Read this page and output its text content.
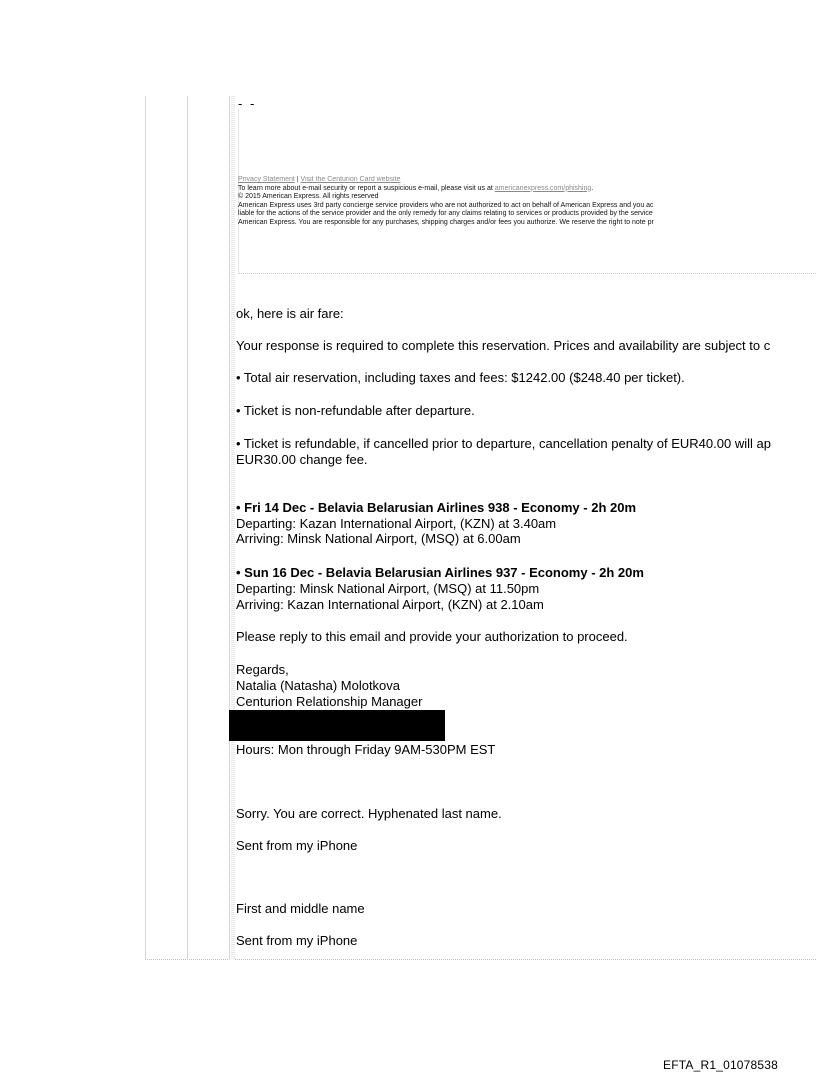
- -
Privacy Statement | Visit the Centurion Card website
To learn more about e-mail security or report a suspicious e-mail, please visit us at americanexpress.com/phishing.
© 2015 American Express. All rights reserved
American Express uses 3rd party concierge service providers who are not authorized to act on behalf of American Express and you ac
liable for the actions of the service provider and the only remedy for any claims relating to services or products provided by the service
American Express. You are responsible for any purchases, shipping charges and/or fees you authorize. We reserve the right to note pr
ok, here is air fare:
Your response is required to complete this reservation. Prices and availability are subject to c
• Total air reservation, including taxes and fees: $1242.00 ($248.40 per ticket).
• Ticket is non-refundable after departure.
• Ticket is refundable, if cancelled prior to departure, cancellation penalty of EUR40.00 will ap
EUR30.00 change fee.
• Fri 14 Dec - Belavia Belarusian Airlines 938 - Economy - 2h 20m
Departing: Kazan International Airport, (KZN) at 3.40am
Arriving: Minsk National Airport, (MSQ) at 6.00am
• Sun 16 Dec - Belavia Belarusian Airlines 937 - Economy - 2h 20m
Departing: Minsk National Airport, (MSQ) at 11.50pm
Arriving: Kazan International Airport, (KZN) at 2.10am
Please reply to this email and provide your authorization to proceed.
Regards,
Natalia (Natasha) Molotkova
Centurion Relationship Manager
Hours: Mon through Friday 9AM-530PM EST
Sorry. You are correct. Hyphenated last name.
Sent from my iPhone
First and middle name
Sent from my iPhone
EFTA_R1_01078538
